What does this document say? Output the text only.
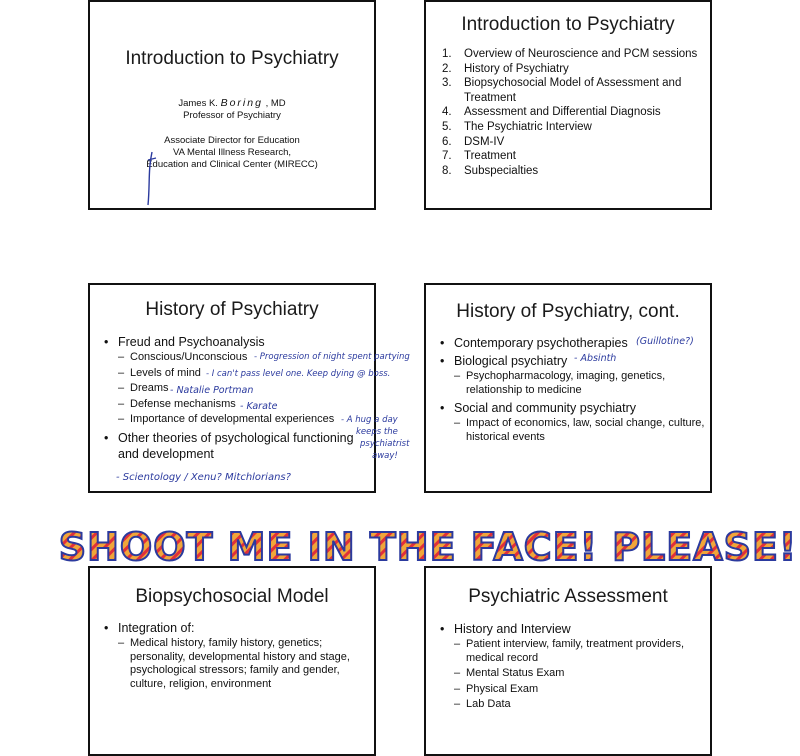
Introduction to Psychiatry
James K. Boring , MD
Professor of Psychiatry
Associate Director for Education
VA Mental Illness Research,
Education and Clinical Center (MIRECC)
Introduction to Psychiatry
Overview of Neuroscience and PCM sessions
History of Psychiatry
Biopsychosocial Model of Assessment and Treatment
Assessment and Differential Diagnosis
The Psychiatric Interview
DSM-IV
Treatment
Subspecialties
History of Psychiatry
• Freud and Psychoanalysis
– Conscious/Unconscious
– Levels of mind
– Dreams
– Defense mechanisms
– Importance of developmental experiences
• Other theories of psychological functioning and development
History of Psychiatry, cont.
• Contemporary psychotherapies
• Biological psychiatry
– Psychopharmacology, imaging, genetics, relationship to medicine
• Social and community psychiatry
– Impact of economics, law, social change, culture, historical events
Biopsychosocial Model
• Integration of:
– Medical history, family history, genetics; personality, developmental history and stage, psychological stressors; family and gender, culture, religion, environment
Psychiatric Assessment
• History and Interview
– Patient interview, family, treatment providers, medical record
– Mental Status Exam
– Physical Exam
– Lab Data
- Progression of night spent partying
- I can't pass level one. Keep dying @ boss.
- Natalie Portman
- Karate
- A hug a day
keeps the
psychiatrist
away!
- Scientology / Xenu? Mitchlorians?
(Guillotine?)
- Absinth
SHOOT ME IN THE FACE! PLEASE!
